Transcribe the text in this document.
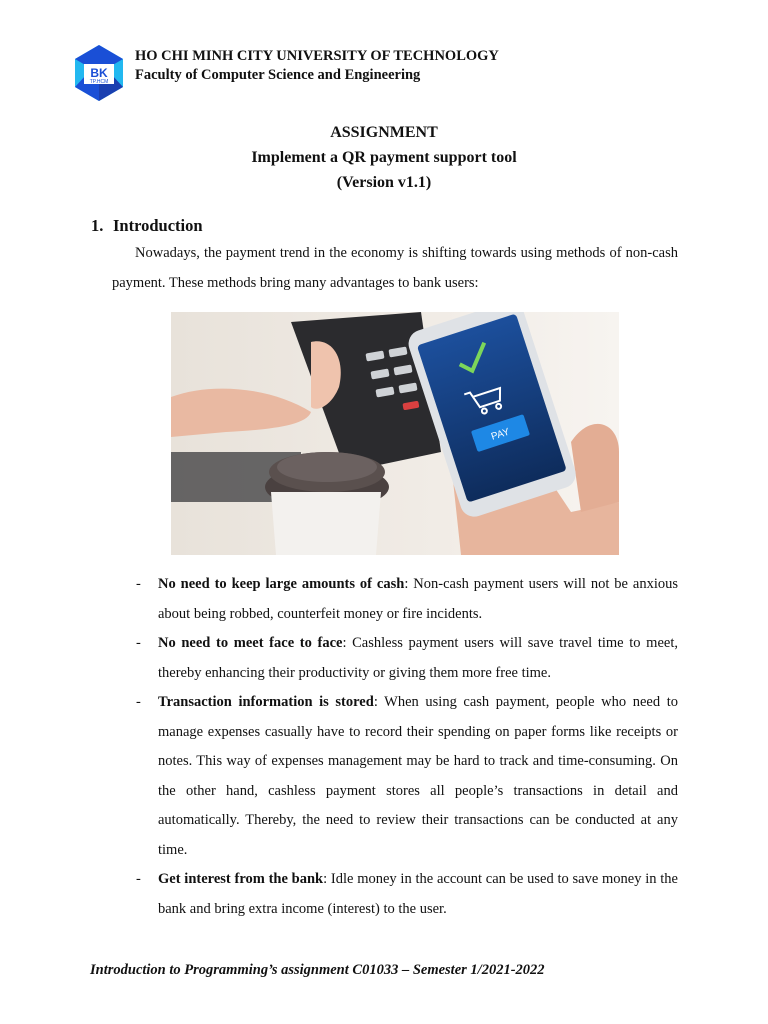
BK
TP.HCM
HO CHI MINH CITY UNIVERSITY OF TECHNOLOGY
Faculty of Computer Science and Engineering
ASSIGNMENT
Implement a QR payment support tool
(Version v1.1)
1. Introduction
Nowadays, the payment trend in the economy is shifting towards using methods of non-cash payment. These methods bring many advantages to bank users:
PAY
- No need to keep large amounts of cash: Non-cash payment users will not be anxious about being robbed, counterfeit money or fire incidents.
- No need to meet face to face: Cashless payment users will save travel time to meet, thereby enhancing their productivity or giving them more free time.
- Transaction information is stored: When using cash payment, people who need to manage expenses casually have to record their spending on paper forms like receipts or notes. This way of expenses management may be hard to track and time-consuming. On the other hand, cashless payment stores all people’s transactions in detail and automatically. Thereby, the need to review their transactions can be conducted at any time.
- Get interest from the bank: Idle money in the account can be used to save money in the bank and bring extra income (interest) to the user.
Introduction to Programming’s assignment C01033 – Semester 1/2021-2022
